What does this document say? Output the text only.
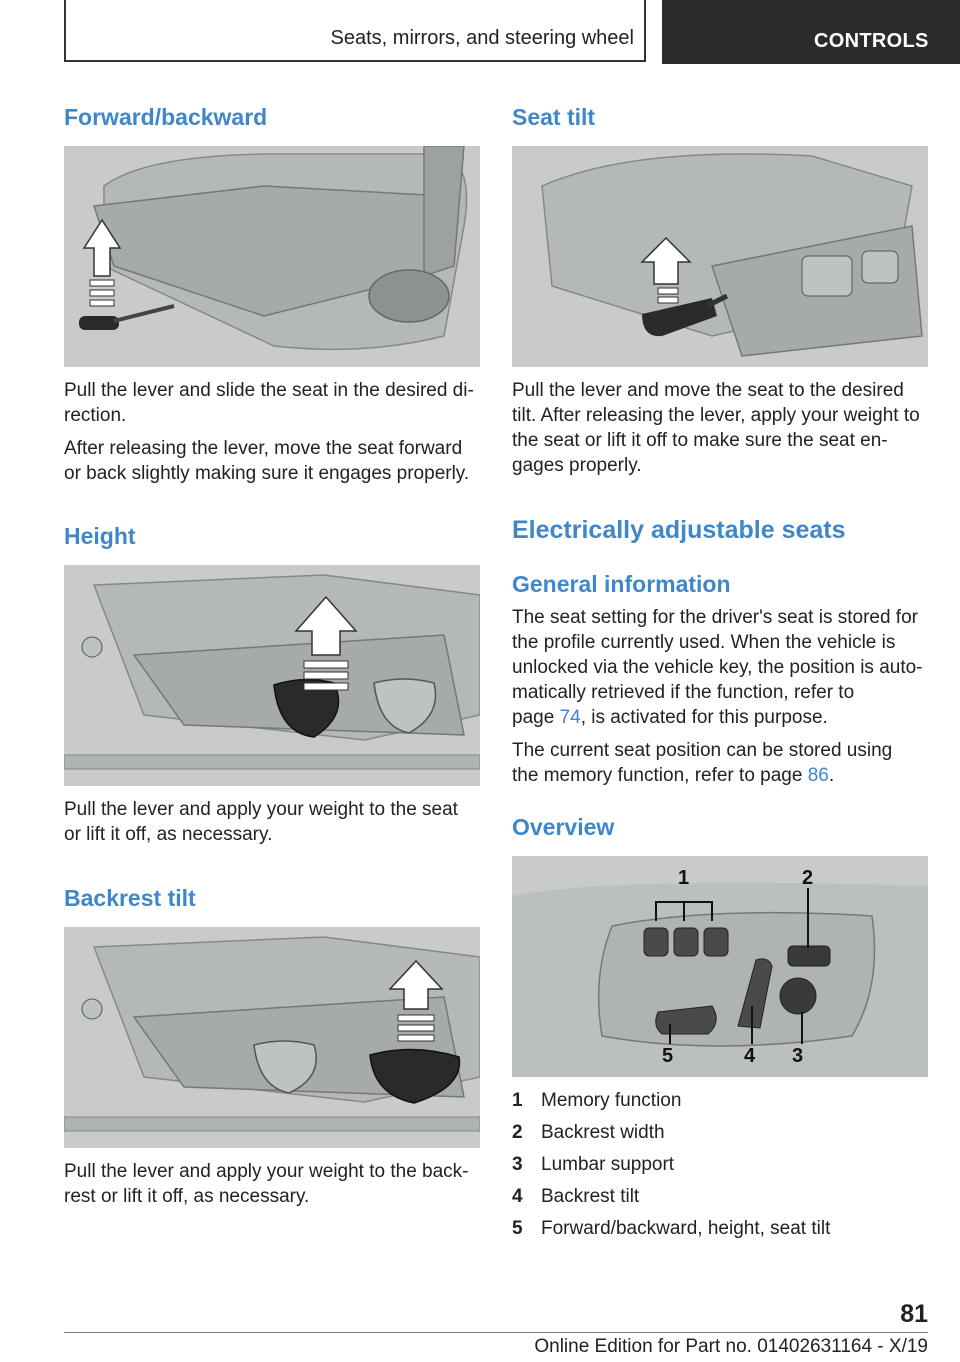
Seats, mirrors, and steering wheel	CONTROLS
Forward/backward

Pull the lever and slide the seat in the desired di-
rection.

After releasing the lever, move the seat forward
or back slightly making sure it engages properly.

Height

Pull the lever and apply your weight to the seat
or lift it off, as necessary.

Backrest tilt

Pull the lever and apply your weight to the back-
rest or lift it off, as necessary.

Seat tilt

Pull the lever and move the seat to the desired
tilt. After releasing the lever, apply your weight to
the seat or lift it off to make sure the seat en-
gages properly.

Electrically adjustable seats
General information

The seat setting for the driver's seat is stored for
the profile currently used. When the vehicle is
unlocked via the vehicle key, the position is auto-
matically retrieved if the function, refer to
page 74, is activated for this purpose.

The current seat position can be stored using
the memory function, refer to page 86.

Overview
1	2
3
4
5
1 Memory function
2 Backrest width
3 Lumbar support
4 Backrest tilt
5 Forward/backward, height, seat tilt
81
Online Edition for Part no. 01402631164 - X/19
